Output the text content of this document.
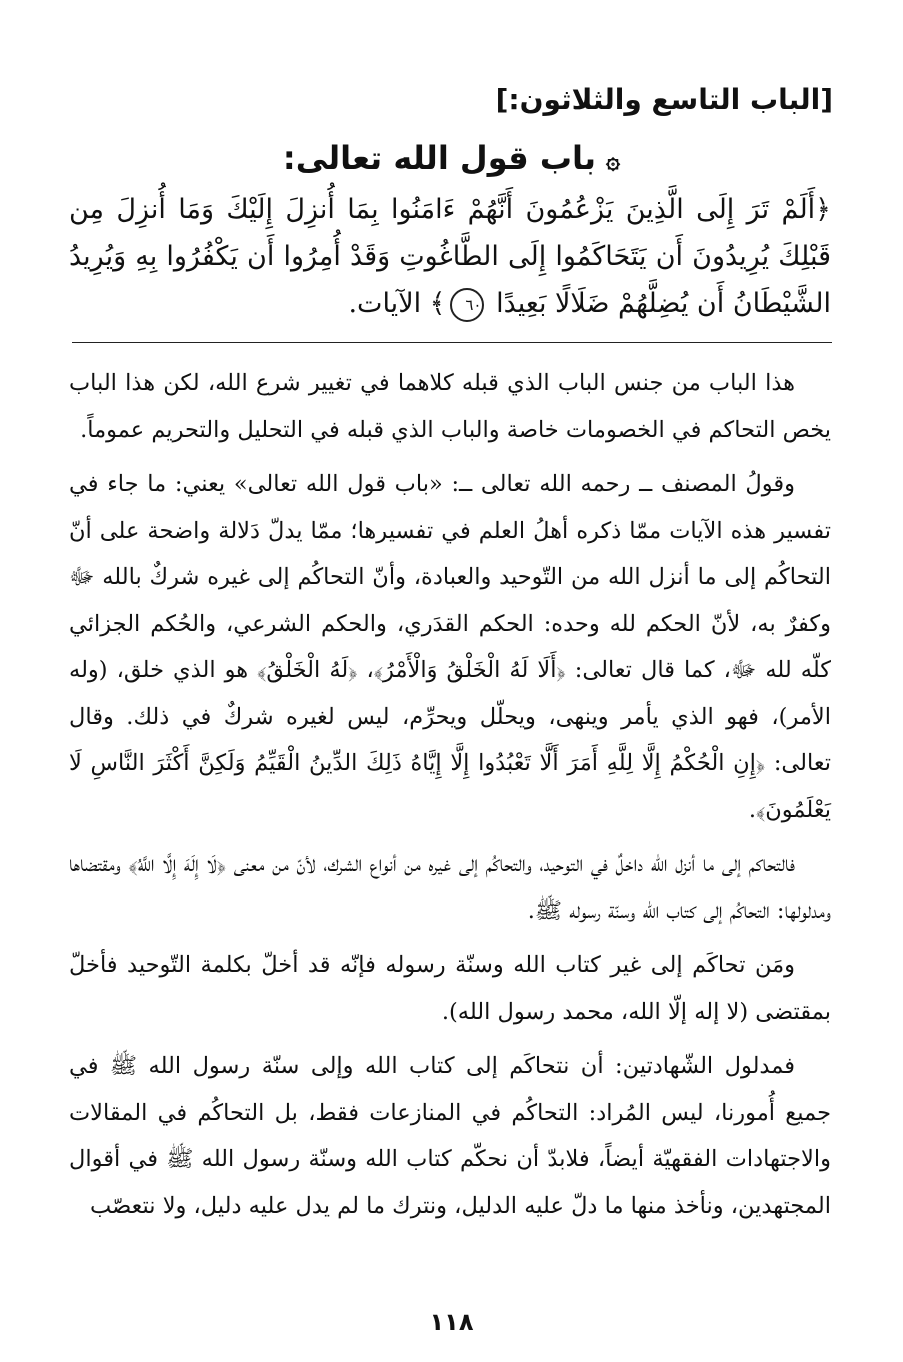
[الباب التاسع والثلاثون:]
۞باب قول الله تعالى:
﴿أَلَمْ تَرَ إِلَى الَّذِينَ يَزْعُمُونَ أَنَّهُمْ ءَامَنُوا بِمَا أُنزِلَ إِلَيْكَ وَمَا أُنزِلَ مِن قَبْلِكَ يُرِيدُونَ أَن يَتَحَاكَمُوا إِلَى الطَّاغُوتِ وَقَدْ أُمِرُوا أَن يَكْفُرُوا بِهِ وَيُرِيدُ الشَّيْطَانُ أَن يُضِلَّهُمْ ضَلَالًا بَعِيدًا ٦٠﴾ الآيات.

هذا الباب من جنس الباب الذي قبله كلاهما في تغيير شرع الله، لكن هذا الباب يخص التحاكم في الخصومات خاصة والباب الذي قبله في التحليل والتحريم عموماً.

وقولُ المصنف ــ رحمه الله تعالى ــ: «باب قول الله تعالى» يعني: ما جاء في تفسير هذه الآيات ممّا ذكره أهلُ العلم في تفسيرها؛ ممّا يدلّ دَلالة واضحة على أنّ التحاكُم إلى ما أنزل الله من التّوحيد والعبادة، وأنّ التحاكُم إلى غيره شركٌ بالله ﷻ وكفرٌ به، لأنّ الحكم لله وحده: الحكم القدَري، والحكم الشرعي، والحُكم الجزائي كلّه لله ﷻ، كما قال تعالى: ﴿أَلَا لَهُ الْخَلْقُ وَالْأَمْرُ﴾، ﴿لَهُ الْخَلْقُ﴾ هو الذي خلق، (وله الأمر)، فهو الذي يأمر وينهى، ويحلّل ويحرِّم، ليس لغيره شركٌ في ذلك. وقال تعالى: ﴿إِنِ الْحُكْمُ إِلَّا لِلَّهِ أَمَرَ أَلَّا تَعْبُدُوا إِلَّا إِيَّاهُ ذَلِكَ الدِّينُ الْقَيِّمُ وَلَكِنَّ أَكْثَرَ النَّاسِ لَا يَعْلَمُونَ﴾.

فالتحاكم إلى ما أنزل الله داخلٌ في التوحيد، والتحاكُم إلى غيره من أنواع الشرك، لأنّ من معنى ﴿لَا إِلَهَ إِلَّا اللَّهُ﴾ ومقتضاها ومدلولها: التحاكُم إلى كتاب الله وسنّة رسوله ﷺ.

ومَن تحاكَم إلى غير كتاب الله وسنّة رسوله فإنّه قد أخلّ بكلمة التّوحيد فأخلّ بمقتضى (لا إله إلّا الله، محمد رسول الله).

فمدلول الشّهادتين: أن نتحاكَم إلى كتاب الله وإلى سنّة رسول الله ﷺ في جميع أُمورنا، ليس المُراد: التحاكُم في المنازعات فقط، بل التحاكُم في المقالات والاجتهادات الفقهيّة أيضاً، فلابدّ أن نحكّم كتاب الله وسنّة رسول الله ﷺ في أقوال المجتهدين، ونأخذ منها ما دلّ عليه الدليل، ونترك ما لم يدل عليه دليل، ولا نتعصّب

١١٨
